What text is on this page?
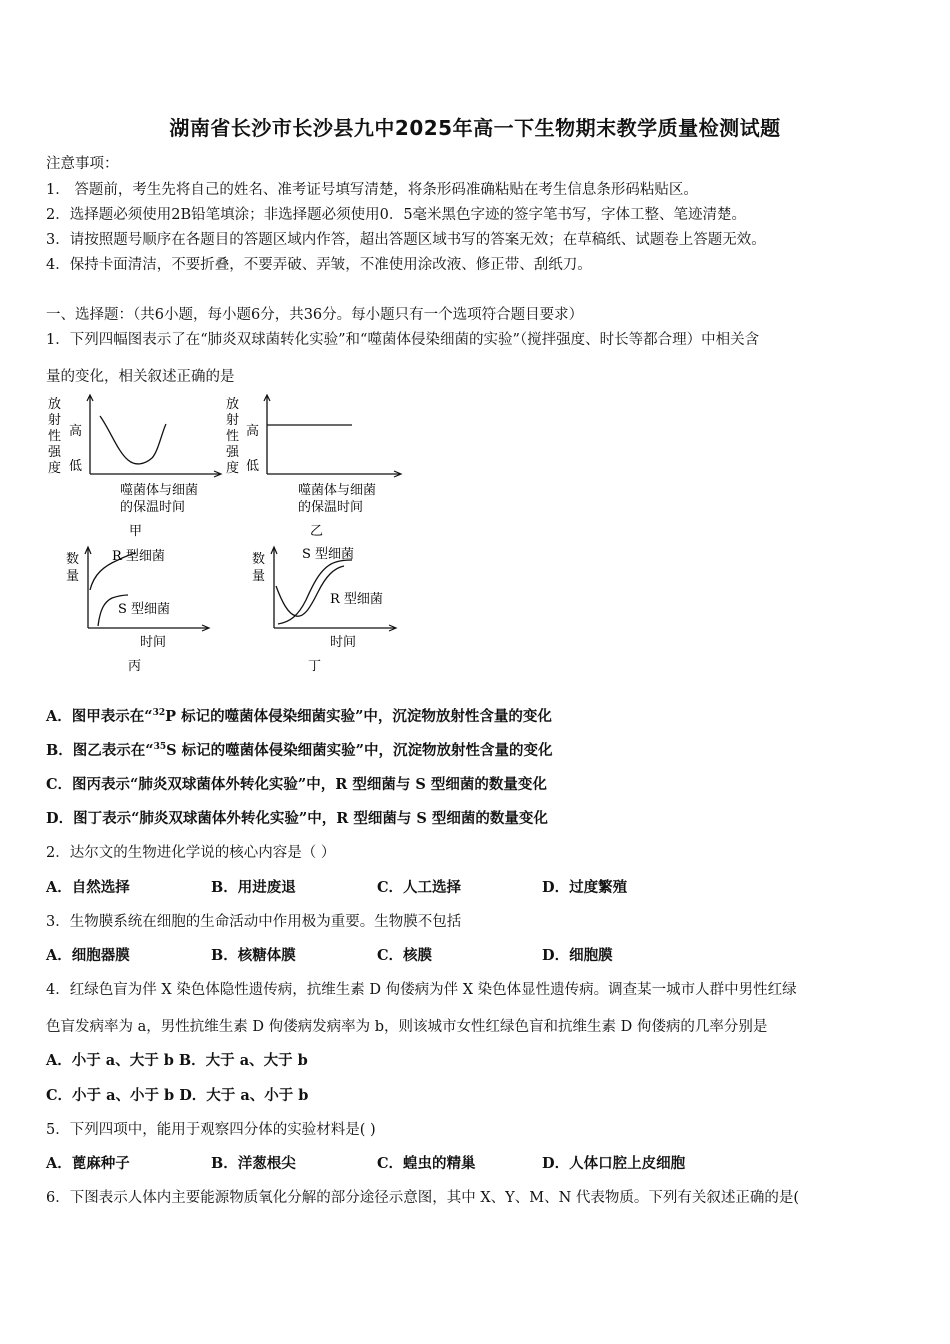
湖南省长沙市长沙县九中2025年高一下生物期末教学质量检测试题
注意事项：
1． 答题前，考生先将自己的姓名、准考证号填写清楚，将条形码准确粘贴在考生信息条形码粘贴区。
2．选择题必须使用2B铅笔填涂；非选择题必须使用0．5毫米黑色字迹的签字笔书写，字体工整、笔迹清楚。
3．请按照题号顺序在各题目的答题区域内作答，超出答题区域书写的答案无效；在草稿纸、试题卷上答题无效。
4．保持卡面清洁，不要折叠，不要弄破、弄皱，不准使用涂改液、修正带、刮纸刀。
一、选择题：（共6小题，每小题6分，共36分。每小题只有一个选项符合题目要求）
1．下列四幅图表示了在“肺炎双球菌转化实验”和“噬菌体侵染细菌的实验”（搅拌强度、时长等都合理）中相关含
量的变化，相关叙述正确的是
放
射
性
强
度
高
低
噬菌体与细菌
的保温时间
甲
放
射
性
强
度
高
低
噬菌体与细菌
的保温时间
乙
数
量
R 型细菌
S 型细菌
时间
丙
数
量
S 型细菌
R 型细菌
时间
丁
A．图甲表示在“$^{32}$P 标记的噬菌体侵染细菌实验”中，沉淀物放射性含量的变化
B．图乙表示在“$^{35}$S 标记的噬菌体侵染细菌实验”中，沉淀物放射性含量的变化
C．图丙表示“肺炎双球菌体外转化实验”中，R 型细菌与 S 型细菌的数量变化
D．图丁表示“肺炎双球菌体外转化实验”中，R 型细菌与 S 型细菌的数量变化
2．达尔文的生物进化学说的核心内容是（ ）
A．自然选择	B．用进废退	C．人工选择	D．过度繁殖
3．生物膜系统在细胞的生命活动中作用极为重要。生物膜不包括
A．细胞器膜	B．核糖体膜	C．核膜	D．细胞膜
4．红绿色盲为伴 X 染色体隐性遗传病，抗维生素 D 佝偻病为伴 X 染色体显性遗传病。调查某一城市人群中男性红绿
色盲发病率为 a，男性抗维生素 D 佝偻病发病率为 b，则该城市女性红绿色盲和抗维生素 D 佝偻病的几率分别是
A．小于 a、大于 b B．大于 a、大于 b
C．小于 a、小于 b D．大于 a、小于 b
5．下列四项中，能用于观察四分体的实验材料是( )
A．蓖麻种子	B．洋葱根尖	C．蝗虫的精巢	D．人体口腔上皮细胞
6．下图表示人体内主要能源物质氧化分解的部分途径示意图，其中 X、Y、M、N 代表物质。下列有关叙述正确的是(
